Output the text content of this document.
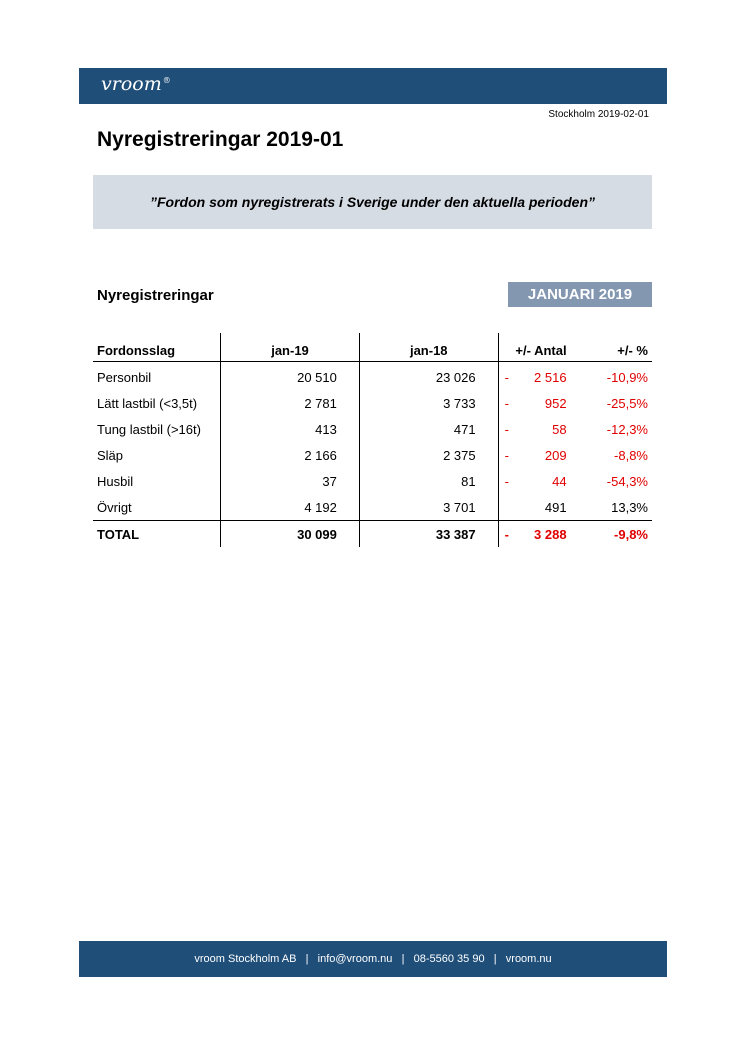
vroom®
Stockholm 2019-02-01
Nyregistreringar 2019-01
”Fordon som nyregistrerats i Sverige under den aktuella perioden”
Nyregistreringar	JANUARI 2019
Fordonsslag	jan-19	jan-18	+/- Antal	+/- %
Personbil	20 510	23 026	- 2 516	-10,9%
Lätt lastbil (<3,5t)	2 781	3 733	- 952	-25,5%
Tung lastbil (>16t)	413	471	- 58	-12,3%
Släp	2 166	2 375	- 209	-8,8%
Husbil	37	81	- 44	-54,3%
Övrigt	4 192	3 701	491	13,3%
TOTAL	30 099	33 387	- 3 288	-9,8%
vroom Stockholm AB
|
info@vroom.nu
|
08-5560 35 90
|
vroom.nu
